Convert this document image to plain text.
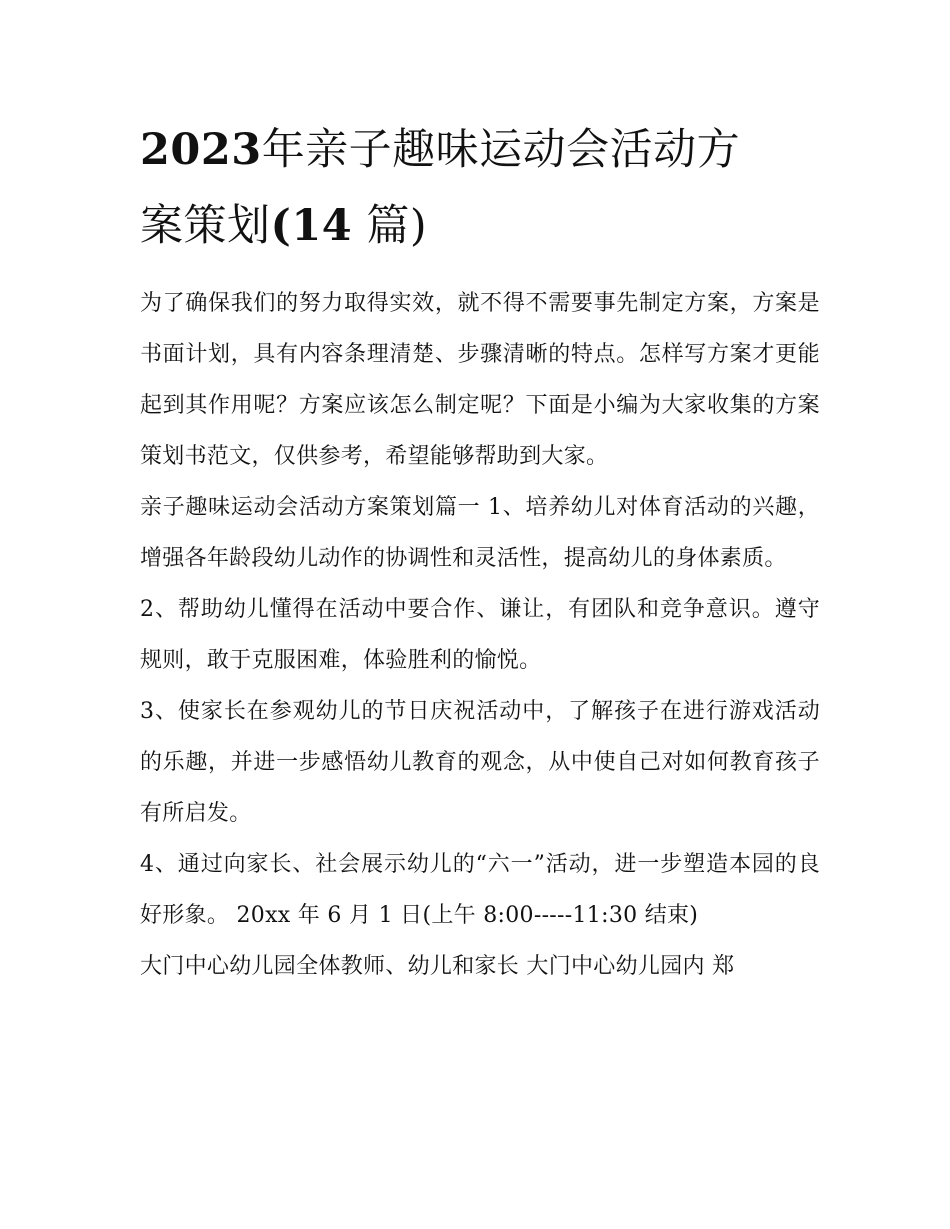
2023年亲子趣味运动会活动方
案策划(14 篇)

为了确保我们的努力取得实效，就不得不需要事先制定方案，方案是书面计划，具有内容条理清楚、步骤清晰的特点。怎样写方案才更能起到其作用呢？方案应该怎么制定呢？下面是小编为大家收集的方案策划书范文，仅供参考，希望能够帮助到大家。

亲子趣味运动会活动方案策划篇一 1、培养幼儿对体育活动的兴趣，增强各年龄段幼儿动作的协调性和灵活性，提高幼儿的身体素质。

2、帮助幼儿懂得在活动中要合作、谦让，有团队和竞争意识。遵守规则，敢于克服困难，体验胜利的愉悦。

3、使家长在参观幼儿的节日庆祝活动中，了解孩子在进行游戏活动的乐趣，并进一步感悟幼儿教育的观念，从中使自己对如何教育孩子有所启发。

4、通过向家长、社会展示幼儿的“六一”活动，进一步塑造本园的良好形象。 20xx 年 6 月 1 日(上午 8:00-----11:30 结束)

大门中心幼儿园全体教师、幼儿和家长 大门中心幼儿园内 郑
